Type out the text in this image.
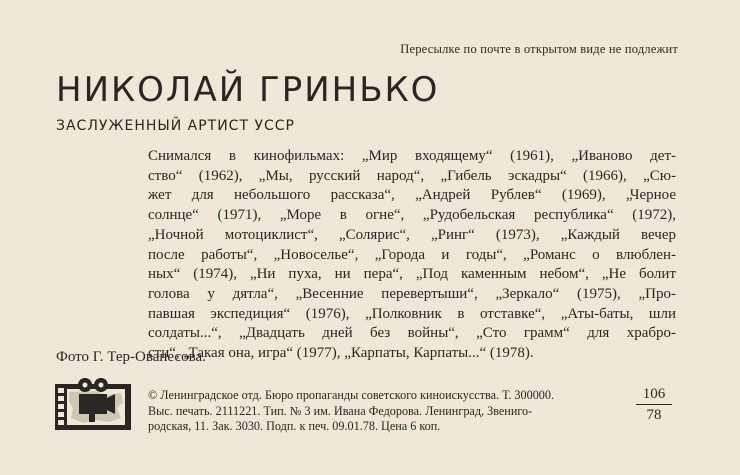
Пересылке по почте в открытом виде не подлежит
НИКОЛАЙ ГРИНЬКО
ЗАСЛУЖЕННЫЙ АРТИСТ УССР
Снимался в кинофильмах: „Мир входящему“ (1961), „Иваново дет-
ство“ (1962), „Мы, русский народ“, „Гибель эскадры“ (1966), „Сю-
жет для небольшого рассказа“, „Андрей Рублев“ (1969), „Черное
солнце“ (1971), „Море в огне“, „Рудобельская республика“ (1972),
„Ночной мотоциклист“, „Солярис“, „Ринг“ (1973), „Каждый вечер
после работы“, „Новоселье“, „Города и годы“, „Романс о влюблен-
ных“ (1974), „Ни пуха, ни пера“, „Под каменным небом“, „Не болит
голова у дятла“, „Весенние перевертыши“, „Зеркало“ (1975), „Про-
павшая экспедиция“ (1976), „Полковник в отставке“, „Аты-баты, шли
солдаты...“, „Двадцать дней без войны“, „Сто грамм“ для храбро-
сти“, „Такая она, игра“ (1977), „Карпаты, Карпаты...“ (1978).
Фото Г. Тер-Ованесова.
© Ленинградское отд. Бюро пропаганды советского киноискусства. Т. 300000.
Выс. печать. 2111221. Тип. № 3 им. Ивана Федорова. Ленинград, Звениго-
родская, 11. Зак. 3030. Подп. к печ. 09.01.78. Цена 6 коп.
106
78
